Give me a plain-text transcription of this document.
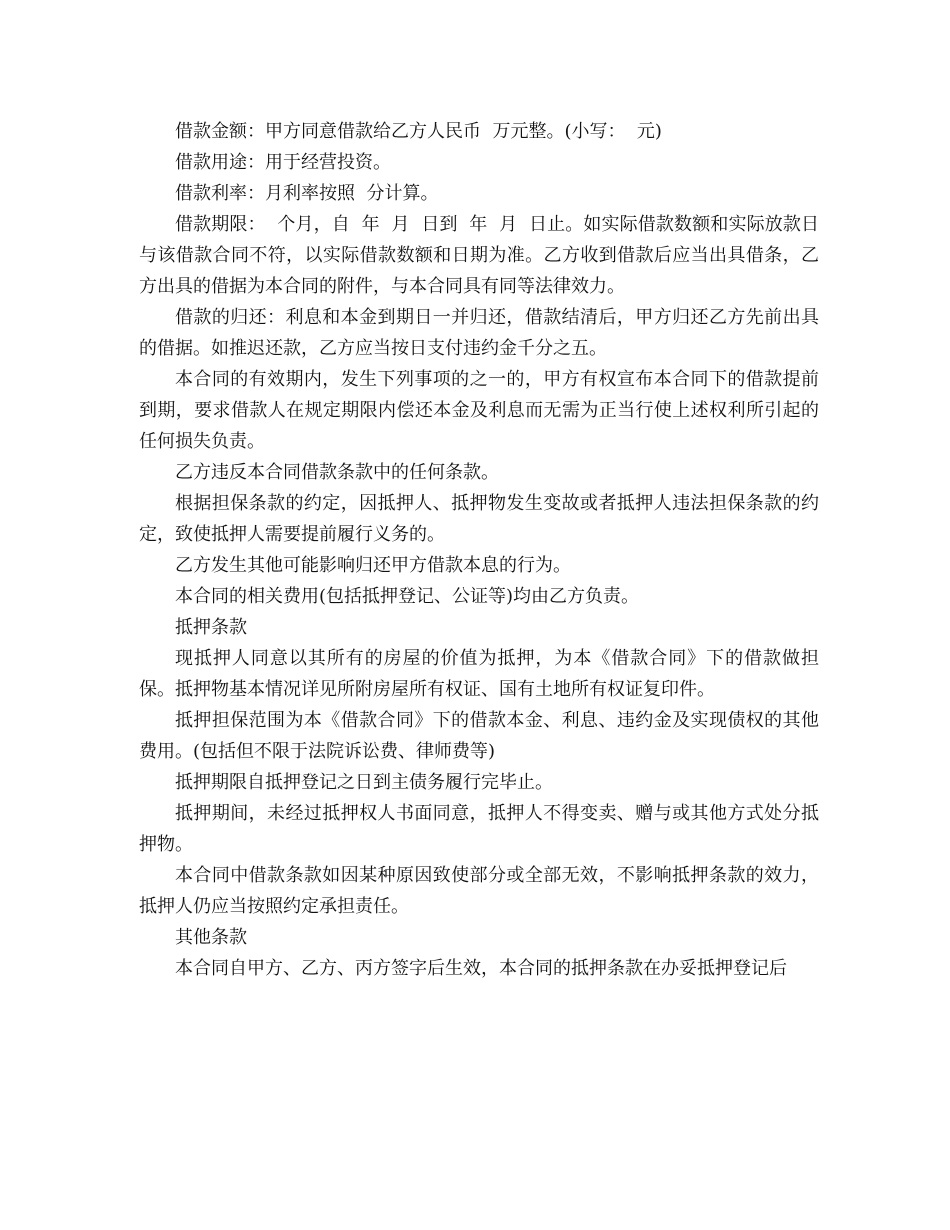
借款金额：甲方同意借款给乙方人民币  万元整。(小写：  元)

借款用途：用于经营投资。

借款利率：月利率按照  分计算。

借款期限：  个月，自  年  月  日到  年  月  日止。如实际借款数额和实际放款日与该借款合同不符，以实际借款数额和日期为准。乙方收到借款后应当出具借条，乙方出具的借据为本合同的附件，与本合同具有同等法律效力。

借款的归还：利息和本金到期日一并归还，借款结清后，甲方归还乙方先前出具的借据。如推迟还款，乙方应当按日支付违约金千分之五。

本合同的有效期内，发生下列事项的之一的，甲方有权宣布本合同下的借款提前到期，要求借款人在规定期限内偿还本金及利息而无需为正当行使上述权利所引起的任何损失负责。

乙方违反本合同借款条款中的任何条款。

根据担保条款的约定，因抵押人、抵押物发生变故或者抵押人违法担保条款的约定，致使抵押人需要提前履行义务的。

乙方发生其他可能影响归还甲方借款本息的行为。

本合同的相关费用(包括抵押登记、公证等)均由乙方负责。

抵押条款

现抵押人同意以其所有的房屋的价值为抵押，为本《借款合同》下的借款做担保。抵押物基本情况详见所附房屋所有权证、国有土地所有权证复印件。

抵押担保范围为本《借款合同》下的借款本金、利息、违约金及实现债权的其他费用。(包括但不限于法院诉讼费、律师费等)

抵押期限自抵押登记之日到主债务履行完毕止。

抵押期间，未经过抵押权人书面同意，抵押人不得变卖、赠与或其他方式处分抵押物。

本合同中借款条款如因某种原因致使部分或全部无效，不影响抵押条款的效力，抵押人仍应当按照约定承担责任。

其他条款

本合同自甲方、乙方、丙方签字后生效，本合同的抵押条款在办妥抵押登记后
